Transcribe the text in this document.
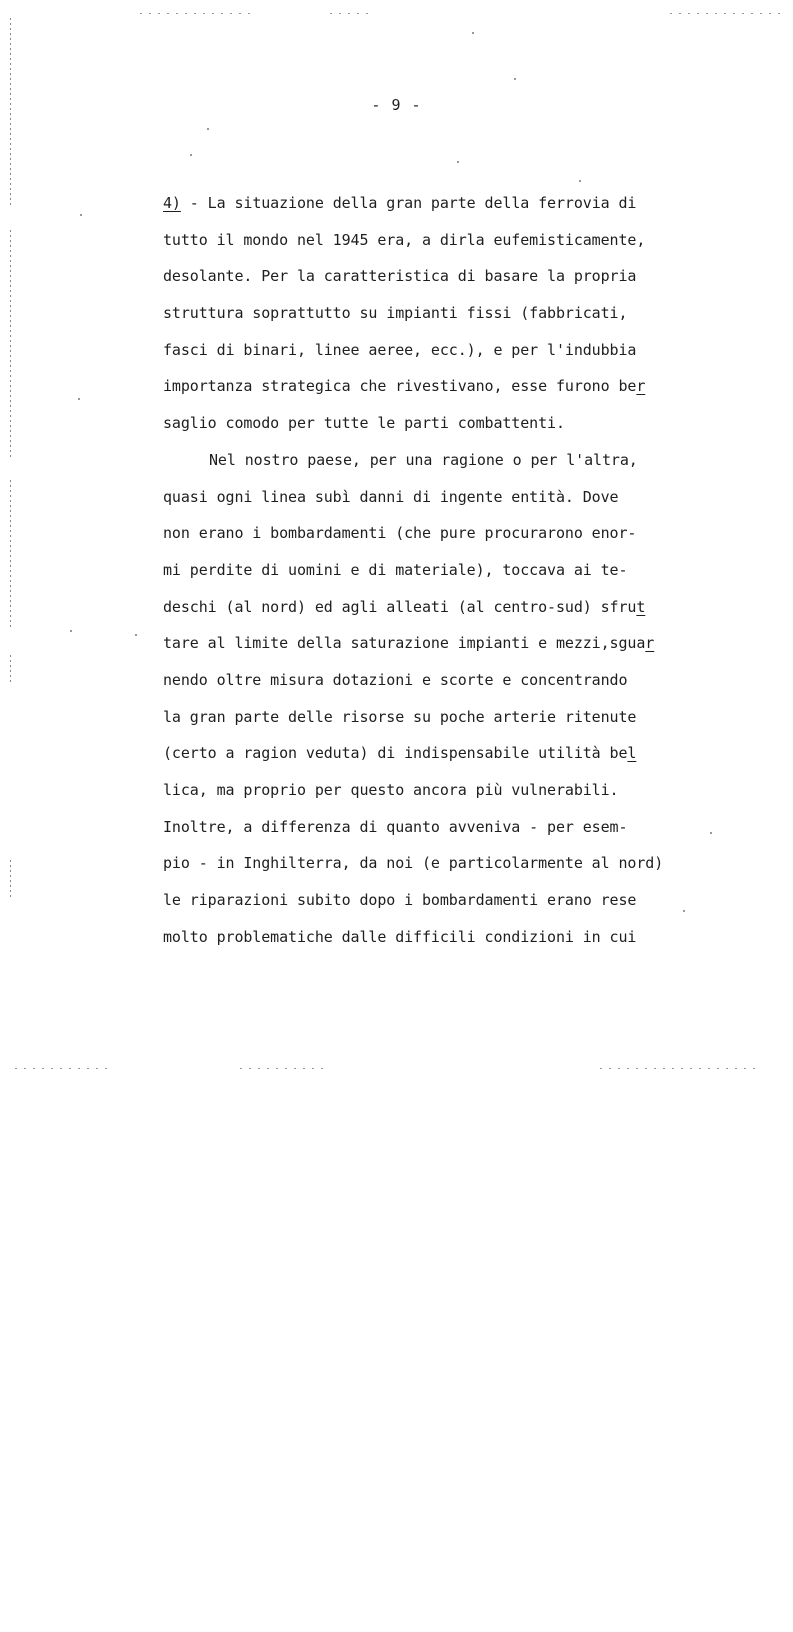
- 9 -
4) - La situazione della gran parte della ferrovia di
tutto il mondo nel 1945 era, a dirla eufemisticamente,
desolante. Per la caratteristica di basare la propria
struttura soprattutto su impianti fissi (fabbricati,
fasci di binari, linee aeree, ecc.), e per l'indubbia
importanza strategica che rivestivano, esse furono ber
saglio comodo per tutte le parti combattenti.
Nel nostro paese, per una ragione o per l'altra,
quasi ogni linea subì danni di ingente entità. Dove
non erano i bombardamenti (che pure procurarono enor-
mi perdite di uomini e di materiale), toccava ai te-
deschi (al nord) ed agli alleati (al centro-sud) sfrut
tare al limite della saturazione impianti e mezzi,sguar
nendo oltre misura dotazioni e scorte e concentrando
la gran parte delle risorse su poche arterie ritenute
(certo a ragion veduta) di indispensabile utilità bel
lica, ma proprio per questo ancora più vulnerabili.
Inoltre, a differenza di quanto avveniva - per esem-
pio - in Inghilterra, da noi (e particolarmente al nord)
le riparazioni subito dopo i bombardamenti erano rese
molto problematiche dalle difficili condizioni in cui
